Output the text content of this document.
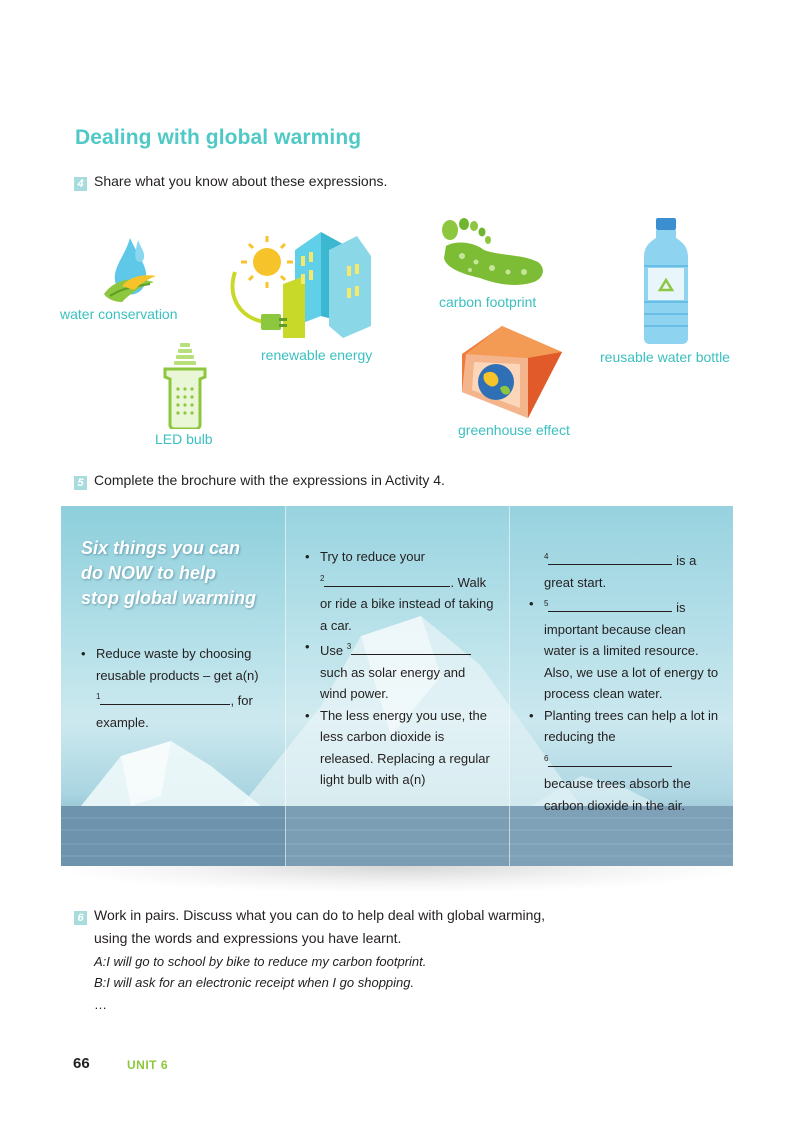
Dealing with global warming
4 Share what you know about these expressions.
water conservation
renewable energy
carbon footprint
reusable water bottle
LED bulb
greenhouse effect
5 Complete the brochure with the expressions in Activity 4.
Six things you can
do NOW to help
stop global warming
• Reduce waste by choosing reusable products – get a(n)
$^1$	, for example.
• Try to reduce your
$^2$	. Walk or ride a bike instead of taking a car.
• Use $^3$
such as solar energy and wind power.
• The less energy you use, the less carbon dioxide is released. Replacing a regular light bulb with a(n)
$^4$	is a great start.
• $^5$	is important because clean water is a limited resource. Also, we use a lot of energy to process clean water.
• Planting trees can help a lot in reducing the
$^6$
because trees absorb the carbon dioxide in the air.
6 Work in pairs. Discuss what you can do to help deal with global warming,
using the words and expressions you have learnt.
A:I will go to school by bike to reduce my carbon footprint.
B:I will ask for an electronic receipt when I go shopping.
…
66	UNIT 6
